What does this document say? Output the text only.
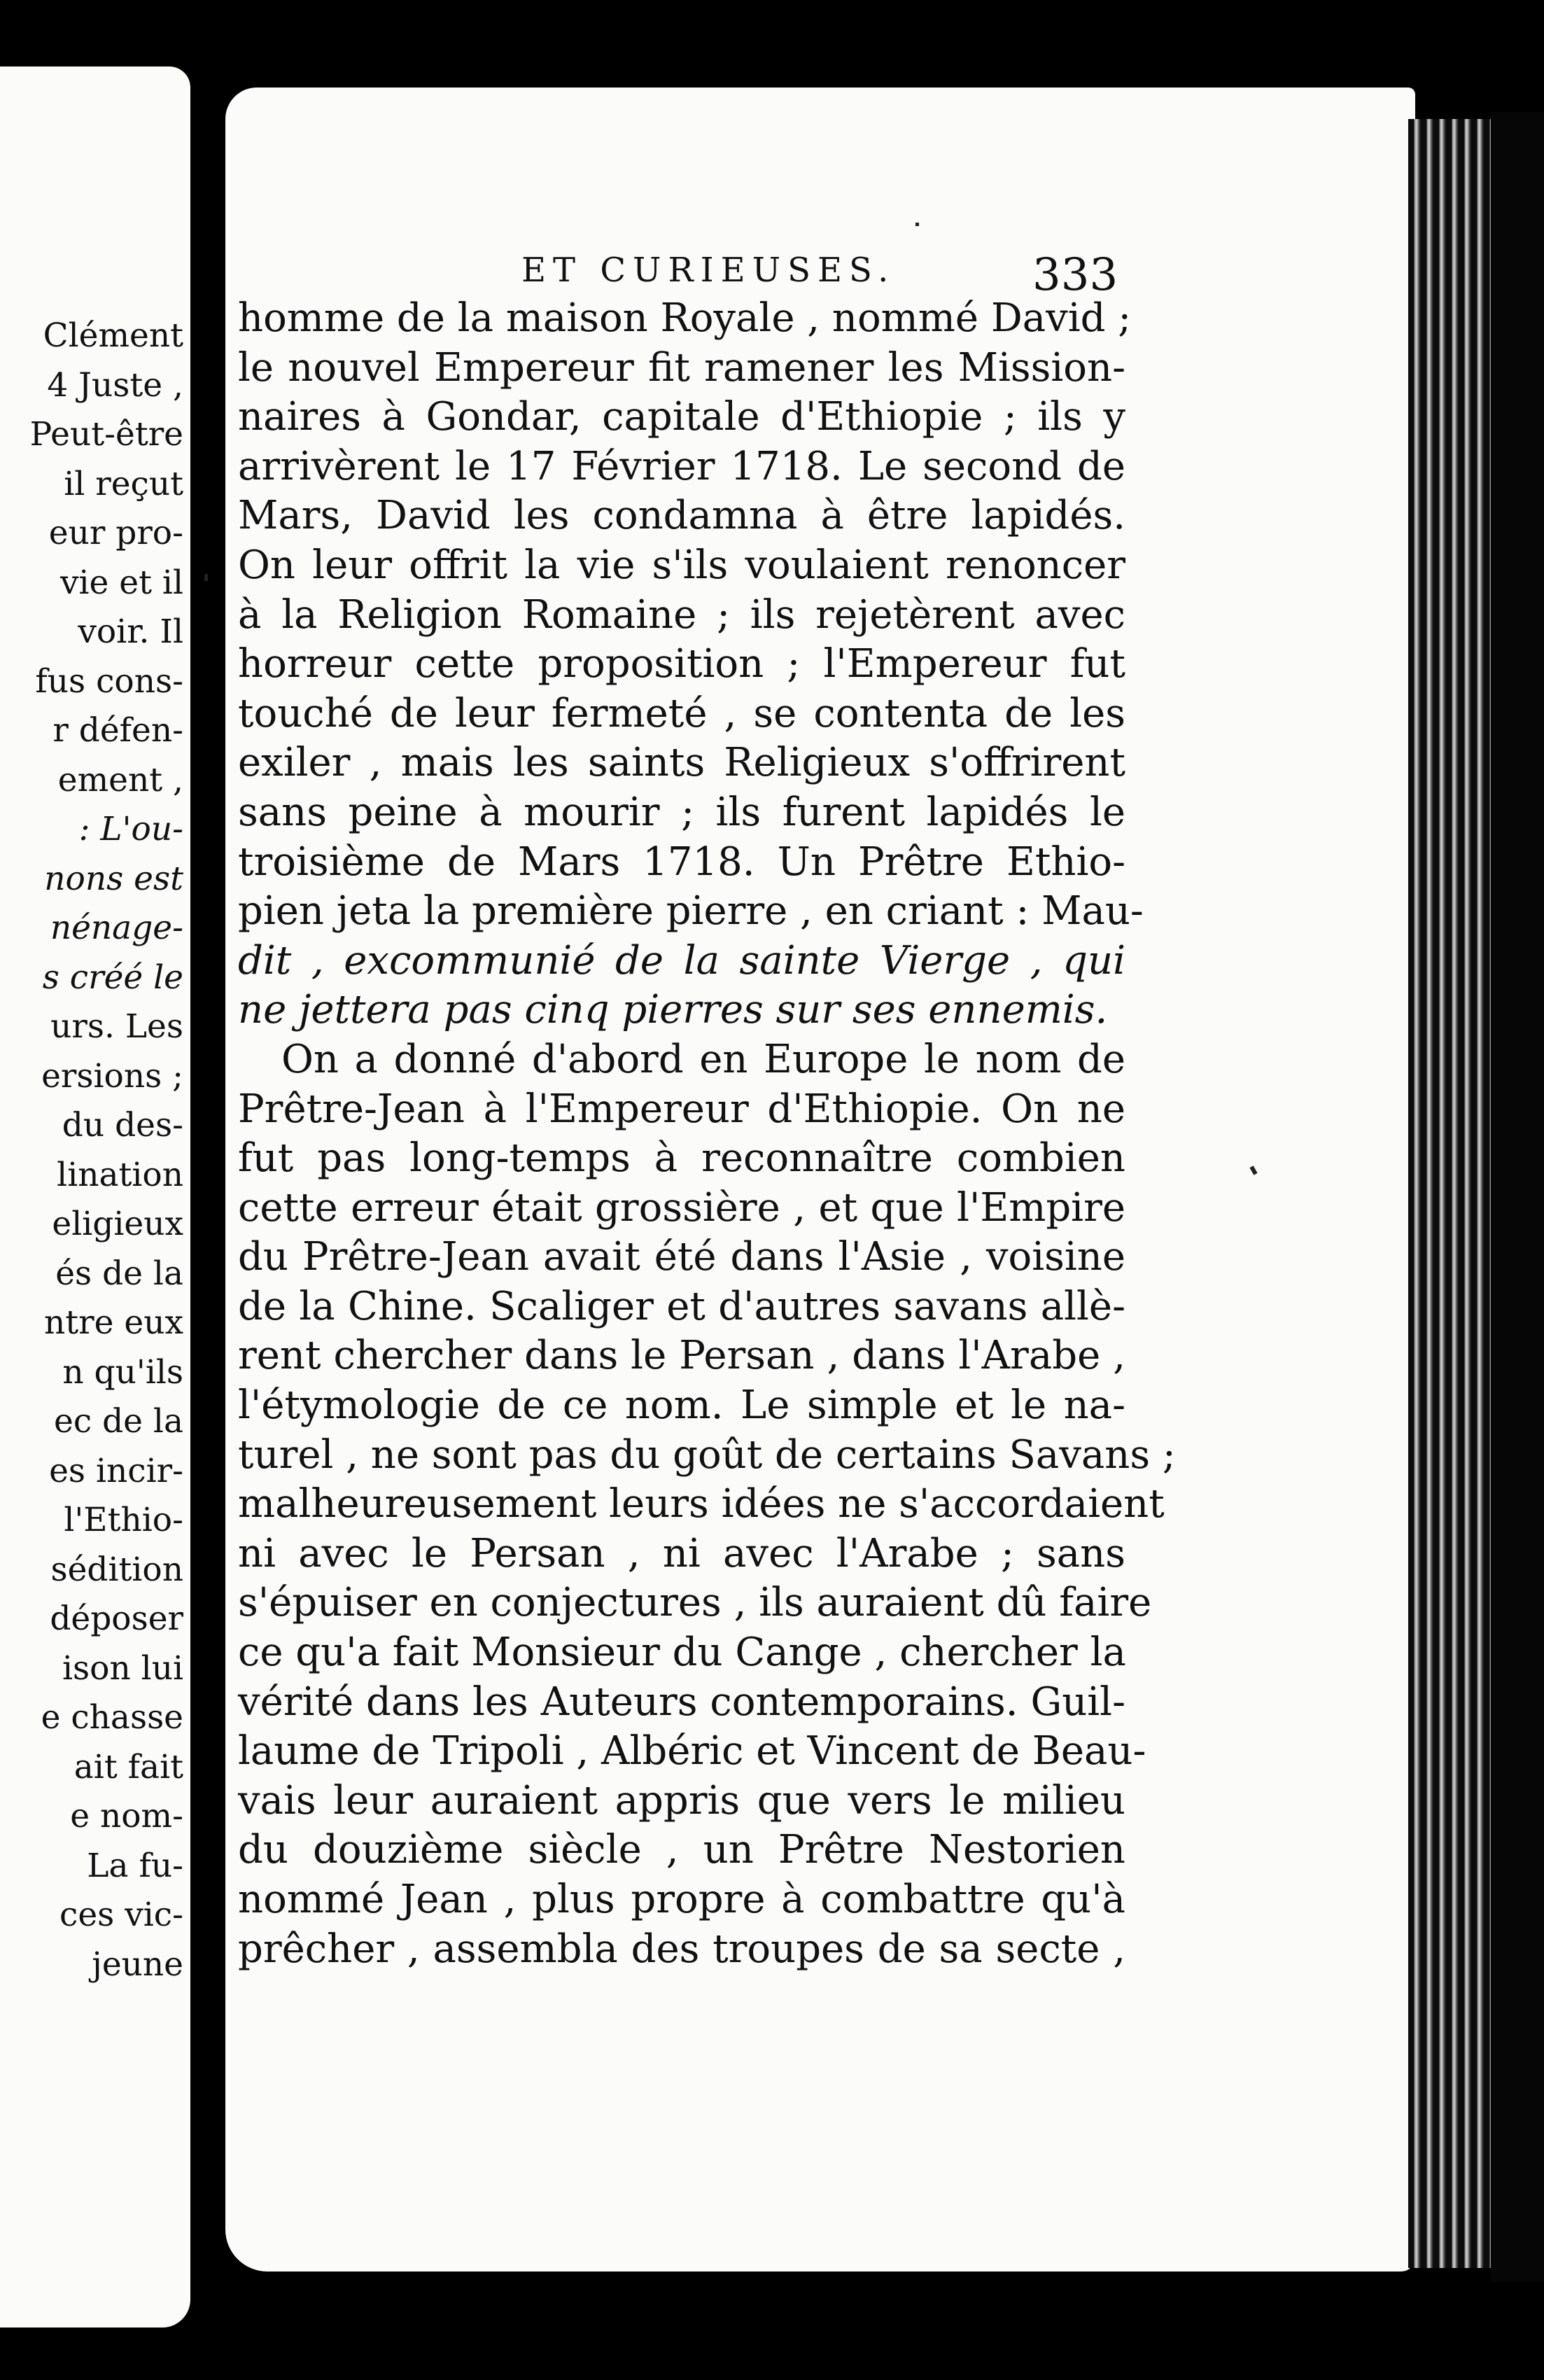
Clément
4 Juste ,
Peut-être
il reçut
eur pro-
vie et il
voir. Il
fus cons-
r défen-
ement ,
: L'ou-
nons est
nénage-
s créé le
urs. Les
ersions ;
du des-
lination
eligieux
és de la
ntre eux
n qu'ils
ec de la
es incir-
l'Ethio-
sédition
déposer
ison lui
e chasse
ait fait
e nom-
La fu-
ces vic-
jeune
ET CURIEUSES.	333
homme de la maison Royale , nommé David ;
le nouvel Empereur fit ramener les Mission-
naires à Gondar, capitale d'Ethiopie ; ils y
arrivèrent le 17 Février 1718. Le second de
Mars, David les condamna à être lapidés.
On leur offrit la vie s'ils voulaient renoncer
à la Religion Romaine ; ils rejetèrent avec
horreur cette proposition ; l'Empereur fut
touché de leur fermeté , se contenta de les
exiler , mais les saints Religieux s'offrirent
sans peine à mourir ; ils furent lapidés le
troisième de Mars 1718. Un Prêtre Ethio-
pien jeta la première pierre , en criant : Mau-
dit , excommunié de la sainte Vierge , qui
ne jettera pas cinq pierres sur ses ennemis.
On a donné d'abord en Europe le nom de
Prêtre-Jean à l'Empereur d'Ethiopie. On ne
fut pas long-temps à reconnaître combien
cette erreur était grossière , et que l'Empire
du Prêtre-Jean avait été dans l'Asie , voisine
de la Chine. Scaliger et d'autres savans allè-
rent chercher dans le Persan , dans l'Arabe ,
l'étymologie de ce nom. Le simple et le na-
turel , ne sont pas du goût de certains Savans ;
malheureusement leurs idées ne s'accordaient
ni avec le Persan , ni avec l'Arabe ; sans
s'épuiser en conjectures , ils auraient dû faire
ce qu'a fait Monsieur du Cange , chercher la
vérité dans les Auteurs contemporains. Guil-
laume de Tripoli , Albéric et Vincent de Beau-
vais leur auraient appris que vers le milieu
du douzième siècle , un Prêtre Nestorien
nommé Jean , plus propre à combattre qu'à
prêcher , assembla des troupes de sa secte ,
